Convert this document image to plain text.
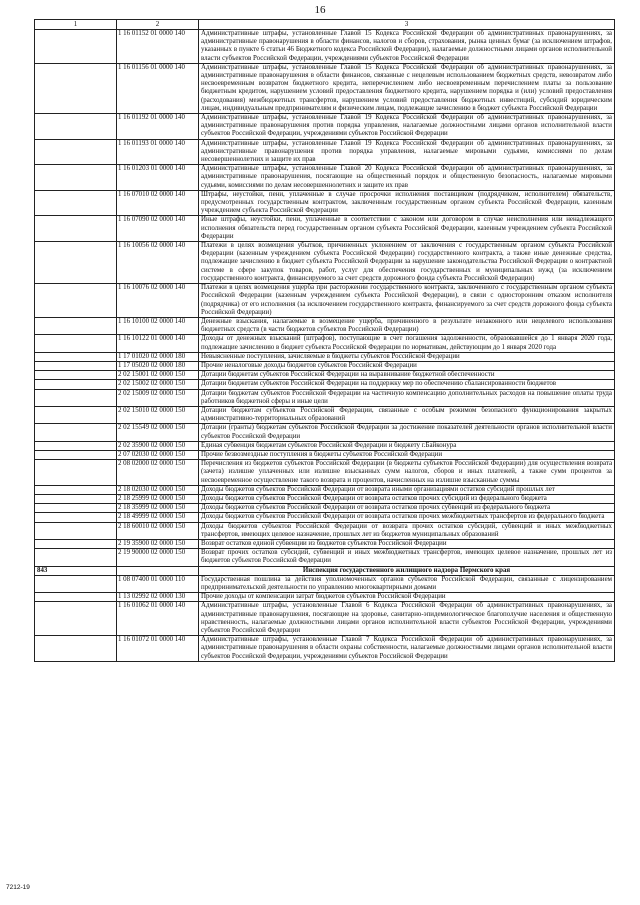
16
1	2	3
	1 16 01152 01 0000 140	Административные штрафы, установленные Главой 15 Кодекса Российской Федерации об административных правонарушениях, за административные правонарушения в области финансов, налогов и сборов, страхования, рынка ценных бумаг (за исключением штрафов, указанных в пункте 6 статьи 46 Бюджетного кодекса Российской Федерации), налагаемые должностными лицами органов исполнительной власти субъектов Российской Федерации, учреждениями субъектов Российской Федерации
	1 16 01156 01 0000 140	Административные штрафы, установленные Главой 15 Кодекса Российской Федерации об административных правонарушениях, за административные правонарушения в области финансов, связанные с нецелевым использованием бюджетных средств, невозвратом либо несвоевременным возвратом бюджетного кредита, неперечислением либо несвоевременным перечислением платы за пользование бюджетным кредитом, нарушением условий предоставления бюджетного кредита, нарушением порядка и (или) условий предоставления (расходования) межбюджетных трансфертов, нарушением условий предоставления бюджетных инвестиций, субсидий юридическим лицам, индивидуальным предпринимателям и физическим лицам, подлежащие зачислению в бюджет субъекта Российской Федерации
	1 16 01192 01 0000 140	Административные штрафы, установленные Главой 19 Кодекса Российской Федерации об административных правонарушениях, за административные правонарушения против порядка управления, налагаемые должностными лицами органов исполнительной власти субъектов Российской Федерации, учреждениями субъектов Российской Федерации
	1 16 01193 01 0000 140	Административные штрафы, установленные Главой 19 Кодекса Российской Федерации об административных правонарушениях, за административные правонарушения против порядка управления, налагаемые мировыми судьями, комиссиями по делам несовершеннолетних и защите их прав
	1 16 01203 01 0000 140	Административные штрафы, установленные Главой 20 Кодекса Российской Федерации об административных правонарушениях, за административные правонарушения, посягающие на общественный порядок и общественную безопасность, налагаемые мировыми судьями, комиссиями по делам несовершеннолетних и защите их прав
	1 16 07010 02 0000 140	Штрафы, неустойки, пени, уплаченные в случае просрочки исполнения поставщиком (подрядчиком, исполнителем) обязательств, предусмотренных государственным контрактом, заключенным государственным органом субъекта Российской Федерации, казенным учреждением субъекта Российской Федерации
	1 16 07090 02 0000 140	Иные штрафы, неустойки, пени, уплаченные в соответствии с законом или договором в случае неисполнения или ненадлежащего исполнения обязательств перед государственным органом субъекта Российской Федерации, казенным учреждением субъекта Российской Федерации
	1 16 10056 02 0000 140	Платежи в целях возмещения убытков, причиненных уклонением от заключения с государственным органом субъекта Российской Федерации (казенным учреждением субъекта Российской Федерации) государственного контракта, а также иные денежные средства, подлежащие зачислению в бюджет субъекта Российской Федерации за нарушение законодательства Российской Федерации о контрактной системе в сфере закупок товаров, работ, услуг для обеспечения государственных и муниципальных нужд (за исключением государственного контракта, финансируемого за счет средств дорожного фонда субъекта Российской Федерации)
	1 16 10076 02 0000 140	Платежи в целях возмещения ущерба при расторжении государственного контракта, заключенного с государственным органом субъекта Российской Федерации (казенным учреждением субъекта Российской Федерации), в связи с односторонним отказом исполнителя (подрядчика) от его исполнения (за исключением государственного контракта, финансируемого за счет средств дорожного фонда субъекта Российской Федерации)
	1 16 10100 02 0000 140	Денежные взыскания, налагаемые в возмещение ущерба, причиненного в результате незаконного или нецелевого использования бюджетных средств (в части бюджетов субъектов Российской Федерации)
	1 16 10122 01 0000 140	Доходы от денежных взысканий (штрафов), поступающие в счет погашения задолженности, образовавшейся до 1 января 2020 года, подлежащие зачислению в бюджет субъекта Российской Федерации по нормативам, действующим до 1 января 2020 года
	1 17 01020 02 0000 180	Невыясненные поступления, зачисляемые в бюджеты субъектов Российской Федерации
	1 17 05020 02 0000 180	Прочие неналоговые доходы бюджетов субъектов Российской Федерации
	2 02 15001 02 0000 150	Дотации бюджетам субъектов Российской Федерации на выравнивание бюджетной обеспеченности
	2 02 15002 02 0000 150	Дотации бюджетам субъектов Российской Федерации на поддержку мер по обеспечению сбалансированности бюджетов
	2 02 15009 02 0000 150	Дотации бюджетам субъектов Российской Федерации на частичную компенсацию дополнительных расходов на повышение оплаты труда работников бюджетной сферы и иные цели
	2 02 15010 02 0000 150	Дотации бюджетам субъектов Российской Федерации, связанные с особым режимом безопасного функционирования закрытых административно-территориальных образований
	2 02 15549 02 0000 150	Дотации (гранты) бюджетам субъектов Российской Федерации за достижение показателей деятельности органов исполнительной власти субъектов Российской Федерации
	2 02 35900 02 0000 150	Единая субвенция бюджетам субъектов Российской Федерации и бюджету г.Байконура
	2 07 02030 02 0000 150	Прочие безвозмездные поступления в бюджеты субъектов Российской Федерации
	2 08 02000 02 0000 150	Перечисления из бюджетов субъектов Российской Федерации (в бюджеты субъектов Российской Федерации) для осуществления возврата (зачета) излишне уплаченных или излишне взысканных сумм налогов, сборов и иных платежей, а также сумм процентов за несвоевременное осуществление такого возврата и процентов, начисленных на излишне взысканные суммы
	2 18 02030 02 0000 150	Доходы бюджетов субъектов Российской Федерации от возврата иными организациями остатков субсидий прошлых лет
	2 18 25999 02 0000 150	Доходы бюджетов субъектов Российской Федерации от возврата остатков прочих субсидий из федерального бюджета
	2 18 35999 02 0000 150	Доходы бюджетов субъектов Российской Федерации от возврата остатков прочих субвенций из федерального бюджета
	2 18 49999 02 0000 150	Доходы бюджетов субъектов Российской Федерации от возврата остатков прочих межбюджетных трансфертов из федерального бюджета
	2 18 60010 02 0000 150	Доходы бюджетов субъектов Российской Федерации от возврата прочих остатков субсидий, субвенций и иных межбюджетных трансфертов, имеющих целевое назначение, прошлых лет из бюджетов муниципальных образований
	2 19 35900 02 0000 150	Возврат остатков единой субвенции из бюджетов субъектов Российской Федерации
	2 19 90000 02 0000 150	Возврат прочих остатков субсидий, субвенций и иных межбюджетных трансфертов, имеющих целевое назначение, прошлых лет из бюджетов субъектов Российской Федерации
843		Инспекция государственного жилищного надзора Пермского края
	1 08 07400 01 0000 110	Государственная пошлина за действия уполномоченных органов субъектов Российской Федерации, связанные с лицензированием предпринимательской деятельности по управлению многоквартирными домами
	1 13 02992 02 0000 130	Прочие доходы от компенсации затрат бюджетов субъектов Российской Федерации
	1 16 01062 01 0000 140	Административные штрафы, установленные Главой 6 Кодекса Российской Федерации об административных правонарушениях, за административные правонарушения, посягающие на здоровье, санитарно-эпидемиологическое благополучие населения и общественную нравственность, налагаемые должностными лицами органов исполнительной власти субъектов Российской Федерации, учреждениями субъектов Российской Федерации
	1 16 01072 01 0000 140	Административные штрафы, установленные Главой 7 Кодекса Российской Федерации об административных правонарушениях, за административные правонарушения в области охраны собственности, налагаемые должностными лицами органов исполнительной власти субъектов Российской Федерации, учреждениями субъектов Российской Федерации
7212-19
